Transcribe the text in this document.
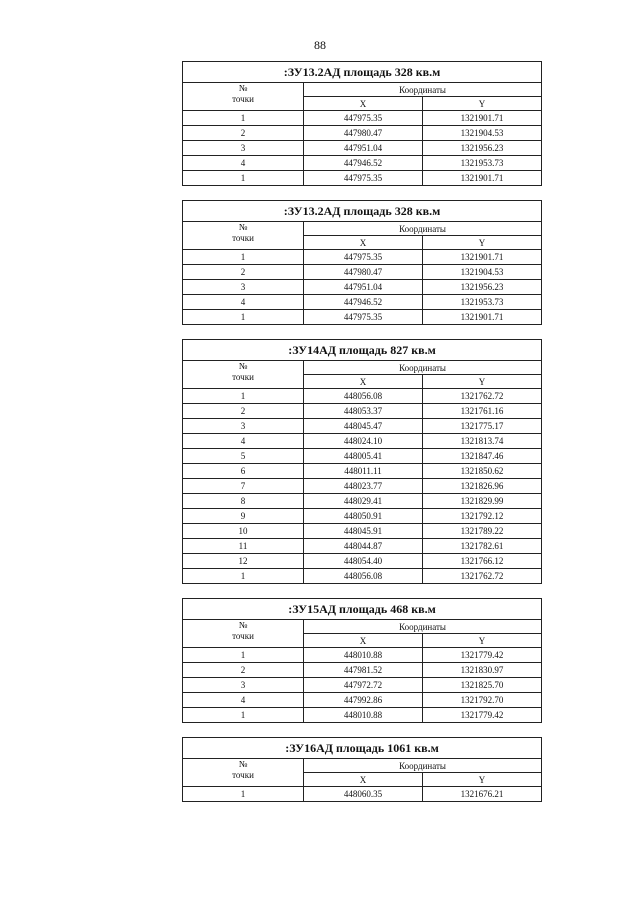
88
:ЗУ13.2АД площадь 328 кв.м		

№
точки	Координаты	
	X	Y
1	447975.35	1321901.71
2	447980.47	1321904.53
3	447951.04	1321956.23
4	447946.52	1321953.73
1	447975.35	1321901.71
:ЗУ13.2АД площадь 328 кв.м		

№
точки	Координаты	
	X	Y
1	447975.35	1321901.71
2	447980.47	1321904.53
3	447951.04	1321956.23
4	447946.52	1321953.73
1	447975.35	1321901.71
:ЗУ14АД площадь 827 кв.м		

№
точки	Координаты	
	X	Y
1	448056.08	1321762.72
2	448053.37	1321761.16
3	448045.47	1321775.17
4	448024.10	1321813.74
5	448005.41	1321847.46
6	448011.11	1321850.62
7	448023.77	1321826.96
8	448029.41	1321829.99
9	448050.91	1321792.12
10	448045.91	1321789.22
11	448044.87	1321782.61
12	448054.40	1321766.12
1	448056.08	1321762.72
:ЗУ15АД площадь 468 кв.м		

№
точки	Координаты	
	X	Y
1	448010.88	1321779.42
2	447981.52	1321830.97
3	447972.72	1321825.70
4	447992.86	1321792.70
1	448010.88	1321779.42
:ЗУ16АД площадь 1061 кв.м		

№
точки	Координаты	
	X	Y
1	448060.35	1321676.21
